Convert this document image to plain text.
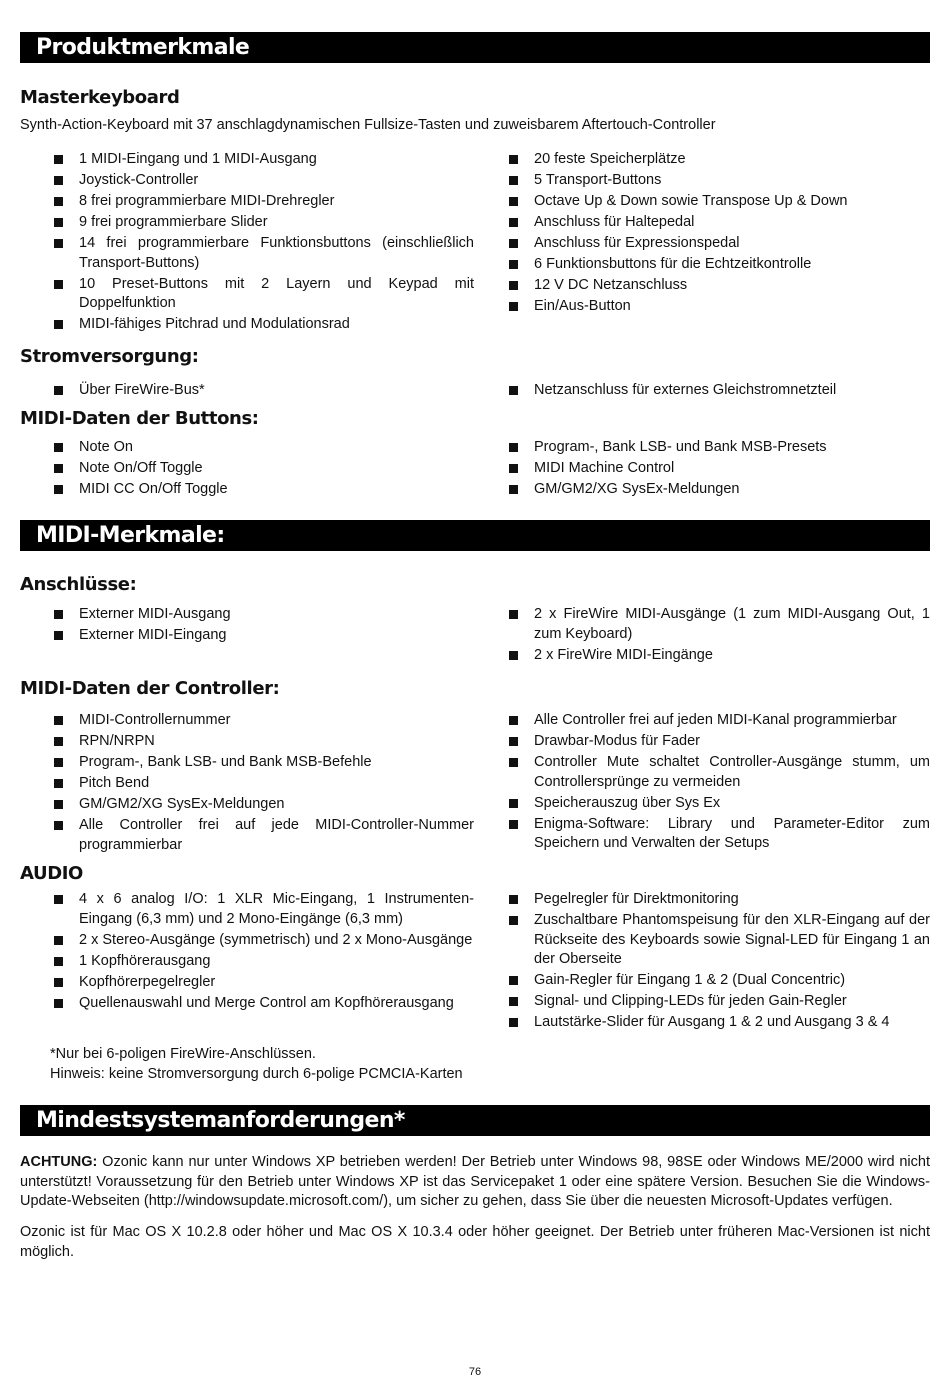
Produktmerkmale
Masterkeyboard
Synth-Action-Keyboard mit 37 anschlagdynamischen Fullsize-Tasten und zuweisbarem Aftertouch-Controller
1 MIDI-Eingang und 1 MIDI-Ausgang
Joystick-Controller
8 frei programmierbare MIDI-Drehregler
9 frei programmierbare Slider
14 frei programmierbare Funktionsbuttons (einschließlich Transport-Buttons)
10 Preset-Buttons mit 2 Layern und Keypad mit Doppelfunktion
MIDI-fähiges Pitchrad und Modulationsrad
20 feste Speicherplätze
5 Transport-Buttons
Octave Up & Down sowie Transpose Up & Down
Anschluss für Haltepedal
Anschluss für Expressionspedal
6 Funktionsbuttons für die Echtzeitkontrolle
12 V DC Netzanschluss
Ein/Aus-Button
Stromversorgung:
Über FireWire-Bus*	Netzanschluss für externes Gleichstromnetzteil
MIDI-Daten der Buttons:
Note On
Note On/Off Toggle
MIDI CC On/Off Toggle
Program-, Bank LSB- und Bank MSB-Presets
MIDI Machine Control
GM/GM2/XG SysEx-Meldungen
MIDI-Merkmale:
Anschlüsse:
Externer MIDI-Ausgang
Externer MIDI-Eingang
2 x FireWire MIDI-Ausgänge (1 zum MIDI-Ausgang Out, 1 zum Keyboard)
2 x FireWire MIDI-Eingänge
MIDI-Daten der Controller:
MIDI-Controllernummer
RPN/NRPN
Program-, Bank LSB- und Bank MSB-Befehle
Pitch Bend
GM/GM2/XG SysEx-Meldungen
Alle Controller frei auf jede MIDI-Controller-Nummer programmierbar
Alle Controller frei auf jeden MIDI-Kanal programmierbar
Drawbar-Modus für Fader
Controller Mute schaltet Controller-Ausgänge stumm, um Controllersprünge zu vermeiden
Speicherauszug über Sys Ex
Enigma-Software: Library und Parameter-Editor zum Speichern und Verwalten der Setups
AUDIO
4 x 6 analog I/O: 1 XLR Mic-Eingang, 1 Instrumenten-Eingang (6,3 mm) und 2 Mono-Eingänge (6,3 mm)
2 x Stereo-Ausgänge (symmetrisch) und 2 x Mono-Ausgänge
1 Kopfhörerausgang
Kopfhörerpegelregler
Quellenauswahl und Merge Control am Kopfhörerausgang
Pegelregler für Direktmonitoring
Zuschaltbare Phantomspeisung für den XLR-Eingang auf der Rückseite des Keyboards sowie Signal-LED für Eingang 1 an der Oberseite
Gain-Regler für Eingang 1 & 2 (Dual Concentric)
Signal- und Clipping-LEDs für jeden Gain-Regler
Lautstärke-Slider für Ausgang 1 & 2 und Ausgang 3 & 4
*Nur bei 6-poligen FireWire-Anschlüssen.
Hinweis: keine Stromversorgung durch 6-polige PCMCIA-Karten
Mindestsystemanforderungen*
ACHTUNG: Ozonic kann nur unter Windows XP betrieben werden! Der Betrieb unter Windows 98, 98SE oder Windows ME/2000 wird nicht unterstützt! Voraussetzung für den Betrieb unter Windows XP ist das Servicepaket 1 oder eine spätere Version. Besuchen Sie die Windows-Update-Webseiten (http://windowsupdate.microsoft.com/), um sicher zu gehen, dass Sie über die neuesten Microsoft-Updates verfügen.
Ozonic ist für Mac OS X 10.2.8 oder höher und Mac OS X 10.3.4 oder höher geeignet. Der Betrieb unter früheren Mac-Versionen ist nicht möglich.
76
